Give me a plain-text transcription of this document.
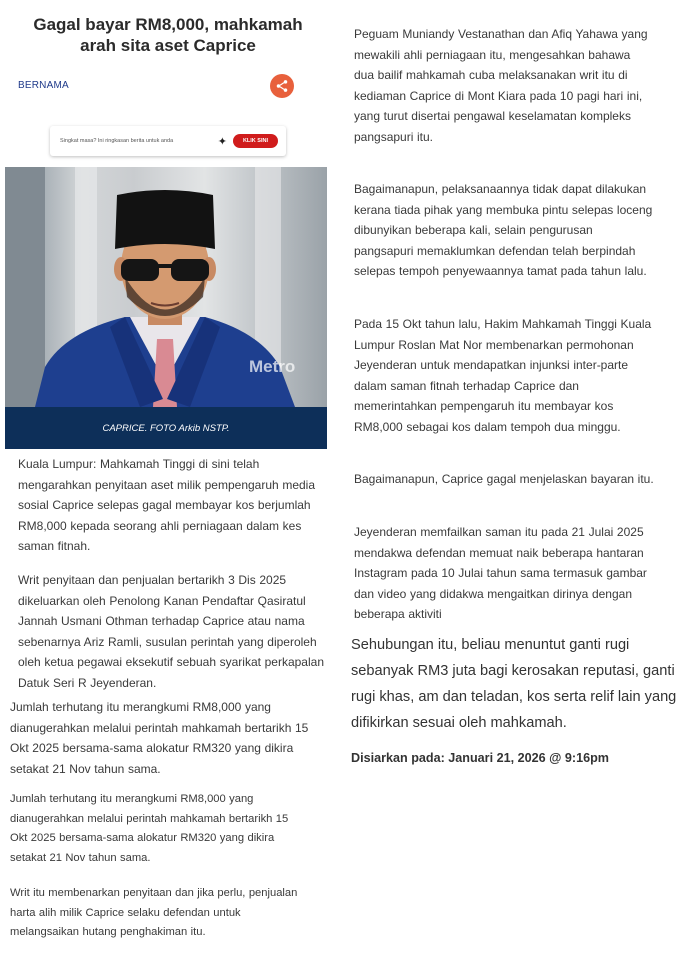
Gagal bayar RM8,000, mahkamah arah sita aset Caprice
BERNAMA
Singkat masa? Ini ringkasan berita untuk anda	✦	KLIK SINI
Metro
CAPRICE. FOTO Arkib NSTP.

Kuala Lumpur: Mahkamah Tinggi di sini telah mengarahkan penyitaan aset milik pempengaruh media sosial Caprice selepas gagal membayar kos berjumlah RM8,000 kepada seorang ahli perniagaan dalam kes saman fitnah.

Writ penyitaan dan penjualan bertarikh 3 Dis 2025 dikeluarkan oleh Penolong Kanan Pendaftar Qasiratul Jannah Usmani Othman terhadap Caprice atau nama sebenarnya Ariz Ramli, susulan perintah yang diperoleh oleh ketua pegawai eksekutif sebuah syarikat perkapalan Datuk Seri R Jeyenderan.

Jumlah terhutang itu merangkumi RM8,000 yang dianugerahkan melalui perintah mahkamah bertarikh 15 Okt 2025 bersama-sama alokatur RM320 yang dikira setakat 21 Nov tahun sama.

Jumlah terhutang itu merangkumi RM8,000 yang dianugerahkan melalui perintah mahkamah bertarikh 15 Okt 2025 bersama-sama alokatur RM320 yang dikira setakat 21 Nov tahun sama.

Writ itu membenarkan penyitaan dan jika perlu, penjualan harta alih milik Caprice selaku defendan untuk melangsaikan hutang penghakiman itu.

Peguam Muniandy Vestanathan dan Afiq Yahawa yang mewakili ahli perniagaan itu, mengesahkan bahawa dua bailif mahkamah cuba melaksanakan writ itu di kediaman Caprice di Mont Kiara pada 10 pagi hari ini, yang turut disertai pengawal keselamatan kompleks pangsapuri itu.

Bagaimanapun, pelaksanaannya tidak dapat dilakukan kerana tiada pihak yang membuka pintu selepas loceng dibunyikan beberapa kali, selain pengurusan pangsapuri memaklumkan defendan telah berpindah selepas tempoh penyewaannya tamat pada tahun lalu.

Pada 15 Okt tahun lalu, Hakim Mahkamah Tinggi Kuala Lumpur Roslan Mat Nor membenarkan permohonan Jeyenderan untuk mendapatkan injunksi inter-parte dalam saman fitnah terhadap Caprice dan memerintahkan pempengaruh itu membayar kos RM8,000 sebagai kos dalam tempoh dua minggu.

Bagaimanapun, Caprice gagal menjelaskan bayaran itu.

Jeyenderan memfailkan saman itu pada 21 Julai 2025 mendakwa defendan memuat naik beberapa hantaran Instagram pada 10 Julai tahun sama termasuk gambar dan video yang didakwa mengaitkan dirinya dengan beberapa aktiviti

Sehubungan itu, beliau menuntut ganti rugi

sebanyak RM3 juta bagi kerosakan reputasi, ganti

rugi khas, am dan teladan, kos serta relif lain yang

difikirkan sesuai oleh mahkamah.

Disiarkan pada: Januari 21, 2026 @ 9:16pm
